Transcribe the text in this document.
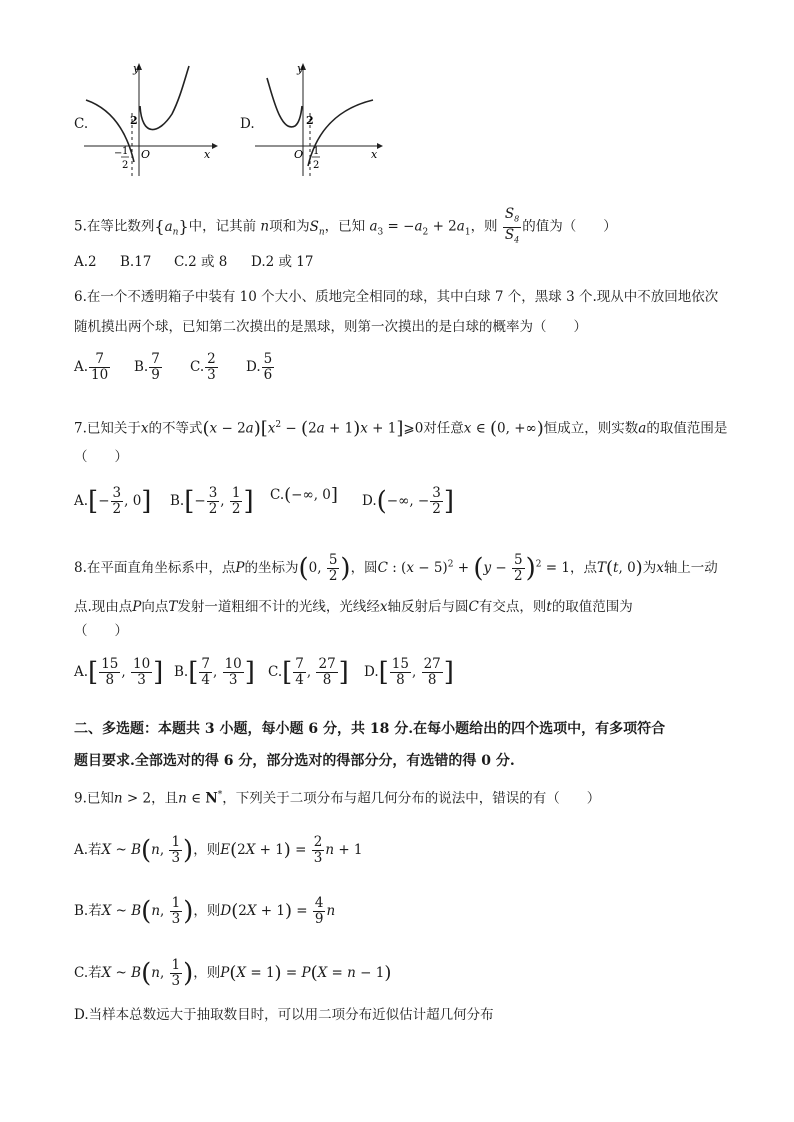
C.
y
x
O
2
− 1
2
D.
y
x
O
2
1
2
5.在等比数列$\{a_n\}$中，记其前 n项和为$S_n$，已知 $a_3 = -a_2 + 2a_1$，则 $\frac{S_8}{S_4}$ 的值为（　　）
A.2 B.17 C.2 或 8 D.2 或 17
6.在一个不透明箱子中装有 10 个大小、质地完全相同的球，其中白球 7 个，黑球 3 个.现从中不放回地依次
随机摸出两个球，已知第二次摸出的是黑球，则第一次摸出的是白球的概率为（　　）
A. $\frac{7}{10} B$. $\frac{7}{9} C$. $\frac{2}{3} D$. $\frac{5}{6}$
7.已知关于x的不等式$(x - 2a)[x^2 - (2a + 1)x$ + 1]⩾0对任意x ∈ (0, +∞)恒成立，则实数a的取值范围是
（　　）
$A.[- \frac{3}{2}$ , 0] $B.[- \frac{3}{2}$ , $\frac{1}{2}$ ] C.(−∞, 0] D.(−∞, − $\frac{3}{2}$ ]
8.在平面直角坐标系中，点P的坐标为(0, $\frac{5}{2}$ )，圆C : $(x - 5)^2 + (y - \frac{5}{2} )^2 = 1$，点T(t, 0)为x轴上一动
点.现由点P向点T发射一道粗细不计的光线，光线经x轴反射后与圆C有交点，则t的取值范围为
（　　）
$A.[ \frac{15}{8}$ , $\frac{10}{3}$ ] $B.[ \frac{7}{4}$ , $\frac{10}{3}$ ] $C.[ \frac{7}{4}$ , $\frac{27}{8}$ ] $D.[ \frac{15}{8}$ , $\frac{27}{8}$ ]
二、多选题：本题共 3 小题，每小题 6 分，共 18 分.在每小题给出的四个选项中，有多项符合
题目要求.全部选对的得 6 分，部分选对的得部分分，有选错的得 0 分.
9.已知n > 2，且n ∈ N*，下列关于二项分布与超几何分布的说法中，错误的有（　　）
A.若X ~ B(n, $\frac{1}{3}$ )，则$E(2X + 1) = \frac{2}{3}$ n + 1
B.若X ~ B(n, $\frac{1}{3}$ )，则$D(2X + 1) = \frac{4}{9}$ n
C.若X ~ B(n, $\frac{1}{3}$ )，则P(X = 1) = P(X = n − 1)
D.当样本总数远大于抽取数目时，可以用二项分布近似估计超几何分布
